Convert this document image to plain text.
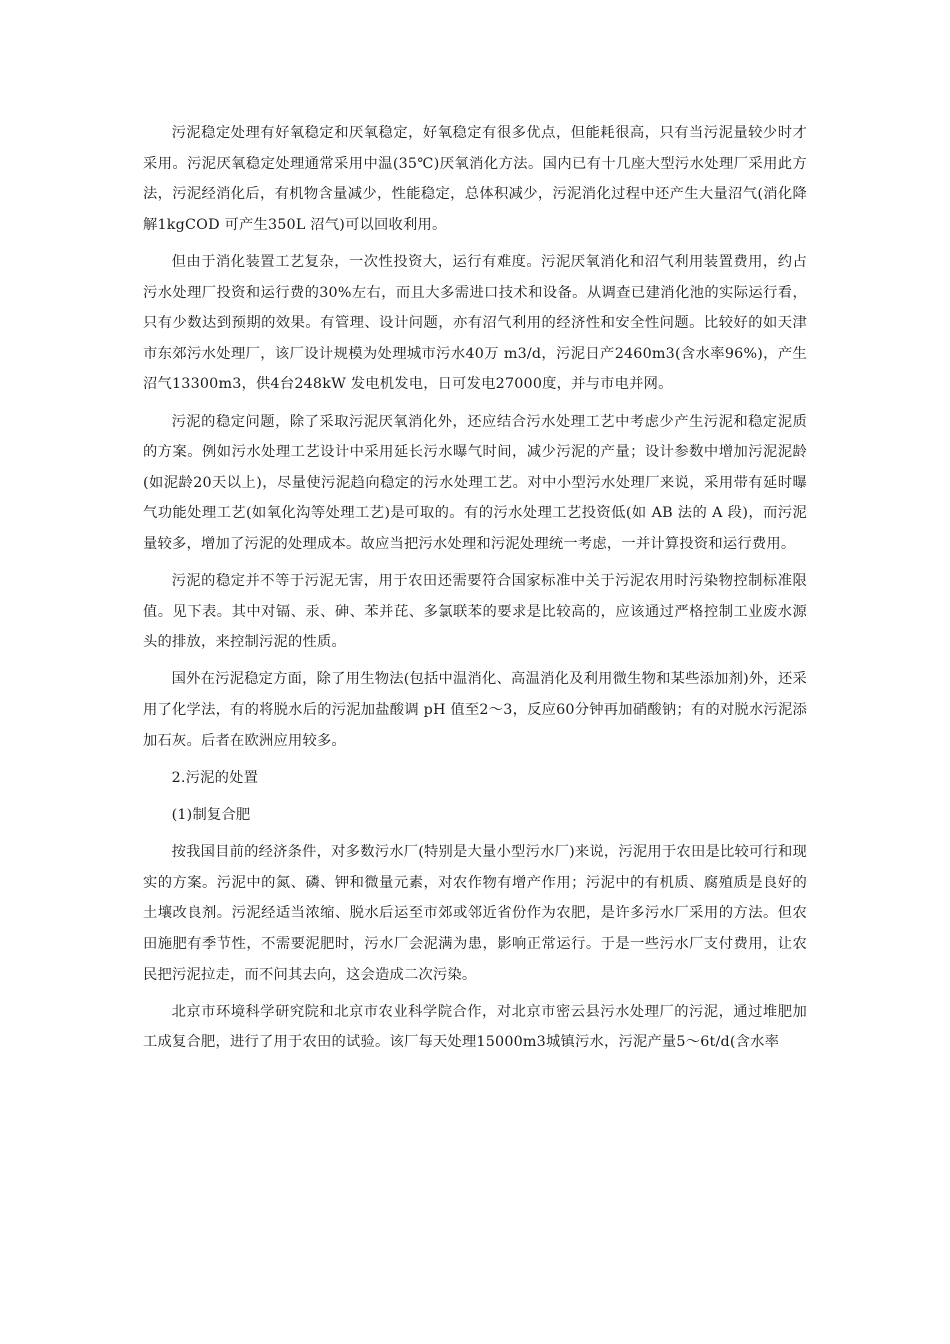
污泥稳定处理有好氧稳定和厌氧稳定，好氧稳定有很多优点，但能耗很高，只有当污泥量较少时才采用。污泥厌氧稳定处理通常采用中温(35℃)厌氧消化方法。国内已有十几座大型污水处理厂采用此方法，污泥经消化后，有机物含量减少，性能稳定，总体积减少，污泥消化过程中还产生大量沼气(消化降解1kgCOD 可产生350L 沼气)可以回收利用。

但由于消化装置工艺复杂，一次性投资大，运行有难度。污泥厌氧消化和沼气利用装置费用，约占污水处理厂投资和运行费的30%左右，而且大多需进口技术和设备。从调查已建消化池的实际运行看，只有少数达到预期的效果。有管理、设计问题，亦有沼气利用的经济性和安全性问题。比较好的如天津市东郊污水处理厂，该厂设计规模为处理城市污水40万 m3/d，污泥日产2460m3(含水率96%)，产生沼气13300m3，供4台248kW 发电机发电，日可发电27000度，并与市电并网。

污泥的稳定问题，除了采取污泥厌氧消化外，还应结合污水处理工艺中考虑少产生污泥和稳定泥质的方案。例如污水处理工艺设计中采用延长污水曝气时间，减少污泥的产量；设计参数中增加污泥泥龄(如泥龄20天以上)，尽量使污泥趋向稳定的污水处理工艺。对中小型污水处理厂来说，采用带有延时曝气功能处理工艺(如氧化沟等处理工艺)是可取的。有的污水处理工艺投资低(如 AB 法的 A 段)，而污泥量较多，增加了污泥的处理成本。故应当把污水处理和污泥处理统一考虑，一并计算投资和运行费用。

污泥的稳定并不等于污泥无害，用于农田还需要符合国家标准中关于污泥农用时污染物控制标准限值。见下表。其中对镉、汞、砷、苯并芘、多氯联苯的要求是比较高的，应该通过严格控制工业废水源头的排放，来控制污泥的性质。

国外在污泥稳定方面，除了用生物法(包括中温消化、高温消化及利用微生物和某些添加剂)外，还采用了化学法，有的将脱水后的污泥加盐酸调 pH 值至2～3，反应60分钟再加硝酸钠；有的对脱水污泥添加石灰。后者在欧洲应用较多。

2.污泥的处置

(1)制复合肥

按我国目前的经济条件，对多数污水厂(特别是大量小型污水厂)来说，污泥用于农田是比较可行和现实的方案。污泥中的氮、磷、钾和微量元素，对农作物有增产作用；污泥中的有机质、腐殖质是良好的土壤改良剂。污泥经适当浓缩、脱水后运至市郊或邻近省份作为农肥，是许多污水厂采用的方法。但农田施肥有季节性，不需要泥肥时，污水厂会泥满为患，影响正常运行。于是一些污水厂支付费用，让农民把污泥拉走，而不问其去向，这会造成二次污染。

北京市环境科学研究院和北京市农业科学院合作，对北京市密云县污水处理厂的污泥，通过堆肥加工成复合肥，进行了用于农田的试验。该厂每天处理15000m3城镇污水，污泥产量5～6t/d(含水率
